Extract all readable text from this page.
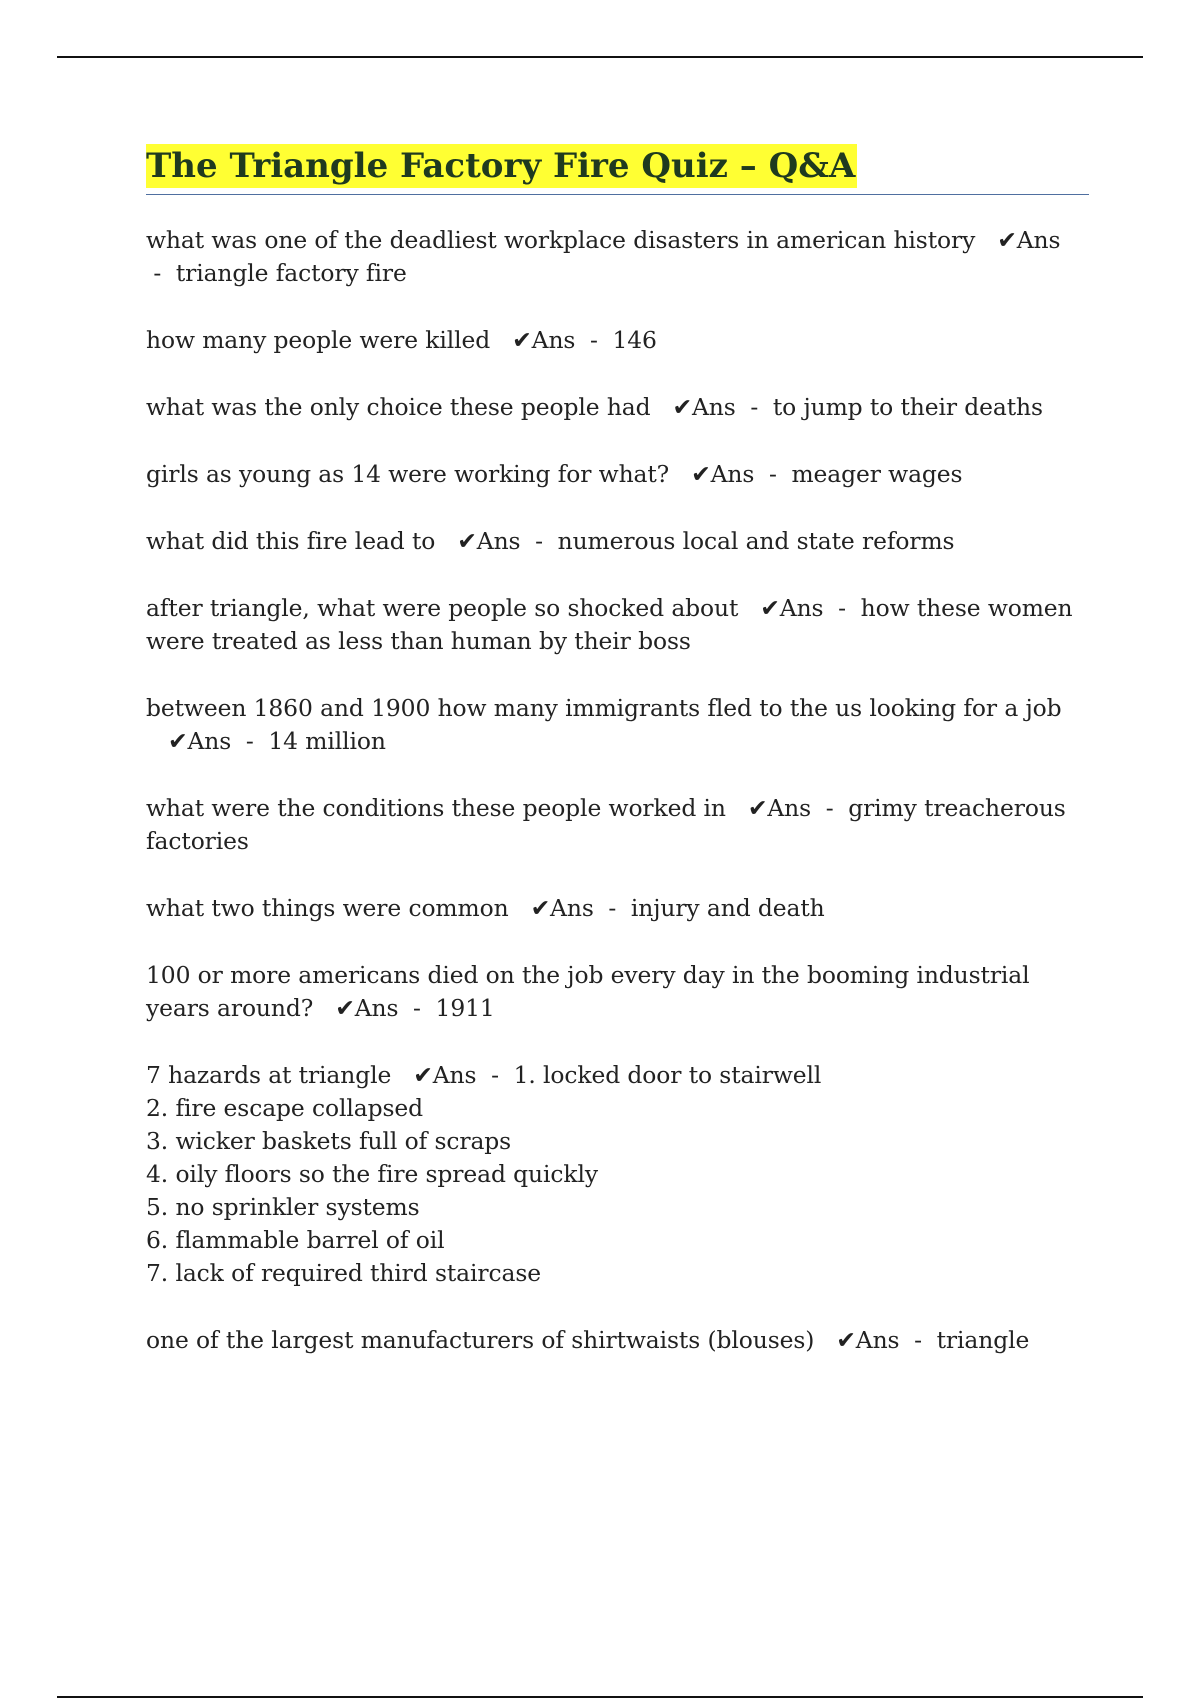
The Triangle Factory Fire Quiz – Q&A
what was one of the deadliest workplace disasters in american history ✔Ans -  triangle factory fire
how many people were killed ✔Ans  -  146
what was the only choice these people had ✔Ans  -  to jump to their deaths
girls as young as 14 were working for what? ✔Ans  -  meager wages
what did this fire lead to ✔Ans  -  numerous local and state reforms
after triangle, what were people so shocked about ✔Ans  -  how these women were treated as less than human by their boss
between 1860 and 1900 how many immigrants fled to the us looking for a job   ✔Ans  -  14 million
what were the conditions these people worked in ✔Ans  -  grimy treacherous factories
what two things were common ✔Ans  -  injury and death
100 or more americans died on the job every day in the booming industrial years around? ✔Ans  -  1911
7 hazards at triangle ✔Ans  -  1. locked door to stairwell
2. fire escape collapsed
3. wicker baskets full of scraps
4. oily floors so the fire spread quickly
5. no sprinkler systems
6. flammable barrel of oil
7. lack of required third staircase
one of the largest manufacturers of shirtwaists (blouses) ✔Ans  -  triangle
